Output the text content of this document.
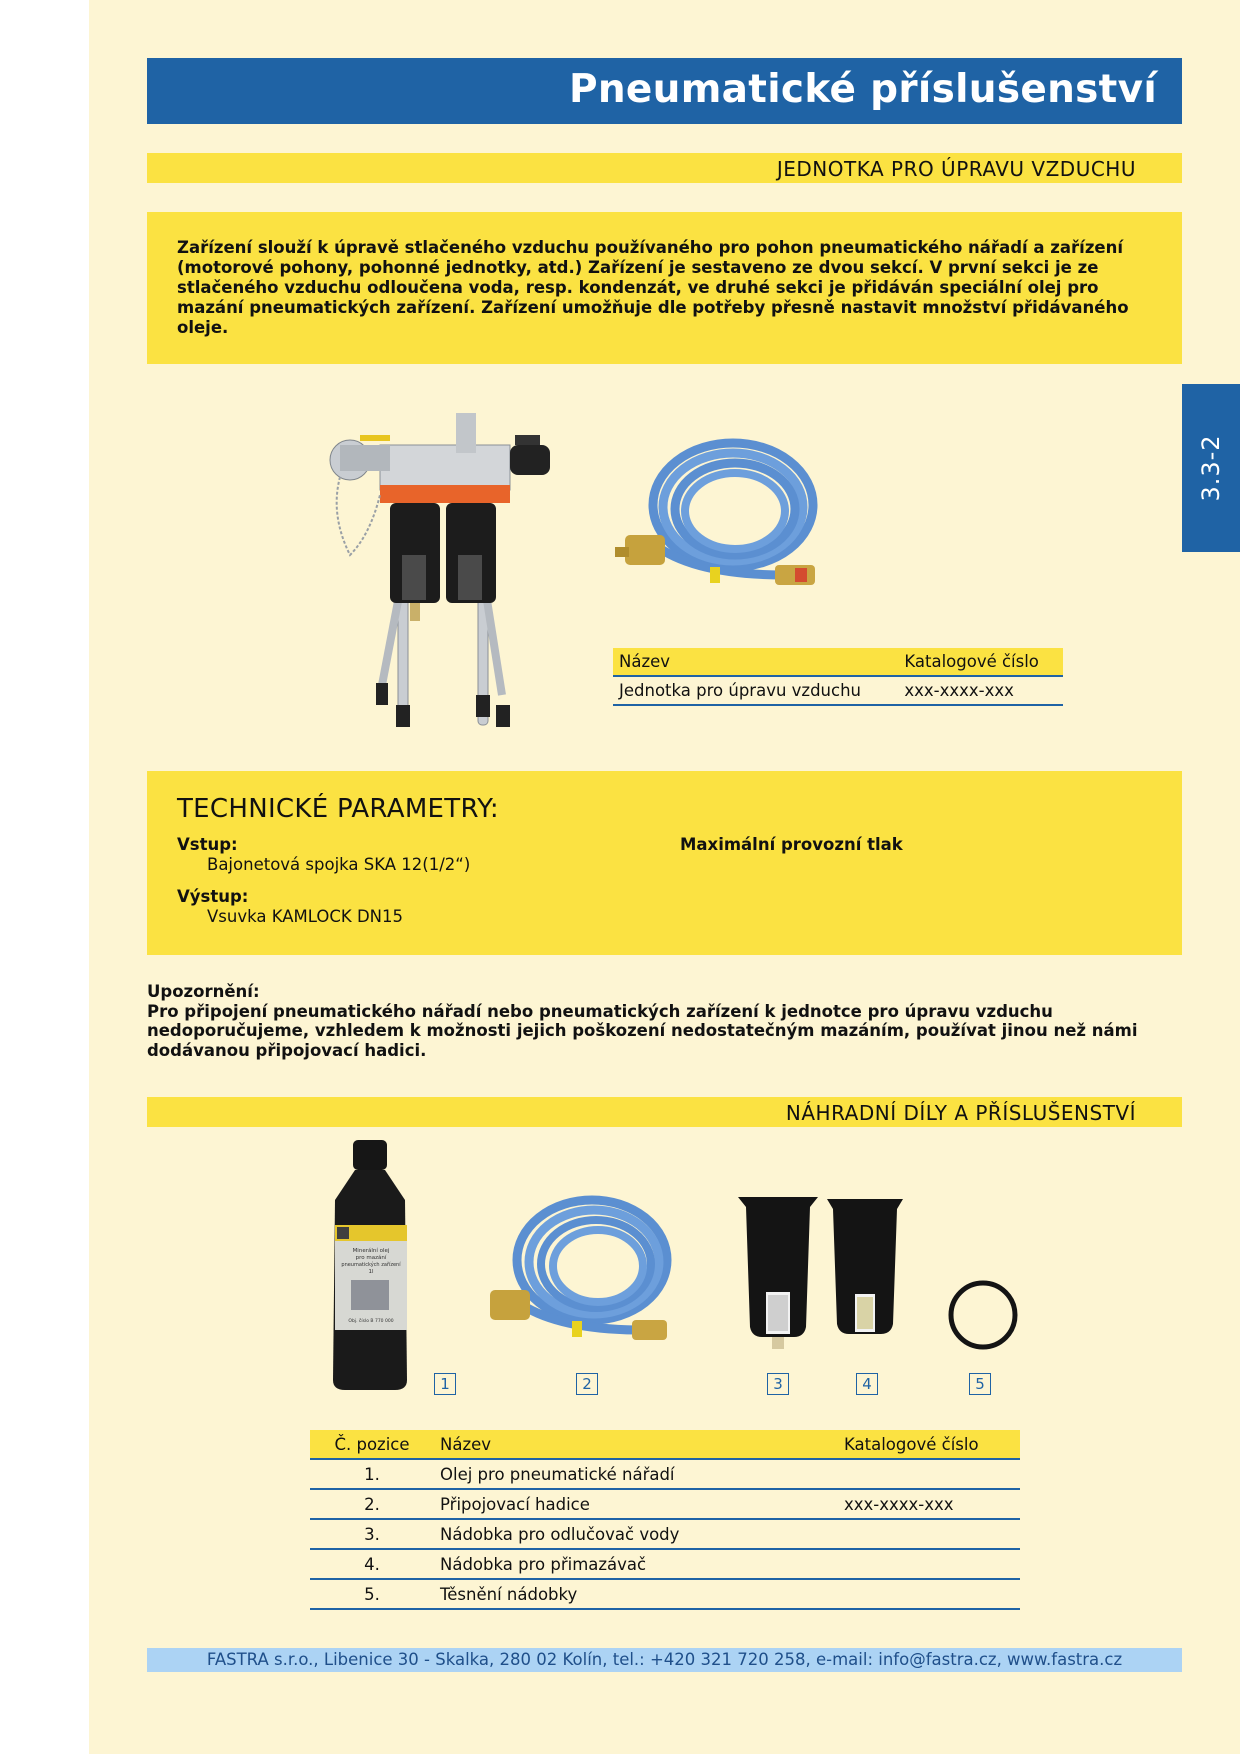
Pneumatické příslušenství
3.3-2
JEDNOTKA PRO ÚPRAVU VZDUCHU

Zařízení slouží k úpravě stlačeného vzduchu používaného pro pohon pneumatického nářadí a zařízení (motorové pohony, pohonné jednotky, atd.) Zařízení je sestaveno ze dvou sekcí. V první sekci je ze stlačeného vzduchu odloučena voda, resp. kondenzát, ve druhé sekci je přidáván speciální olej pro mazání pneumatických zařízení. Zařízení umožňuje dle potřeby přesně nastavit množství přidávaného oleje.

Název	Katalogové číslo
Jednotka pro úpravu vzduchu	xxx-xxxx-xxx
TECHNICKÉ PARAMETRY:
Vstup:
Bajonetová spojka SKA 12(1/2“)
Výstup:
Vsuvka KAMLOCK DN15
Maximální provozní tlak

Upozornění:

Pro připojení pneumatického nářadí nebo pneumatických zařízení k jednotce pro úpravu vzduchu nedoporučujeme, vzhledem k možnosti jejich poškození nedostatečným mazáním, používat jinou než námi dodávanou připojovací hadici.

NÁHRADNÍ DÍLY A PŘÍSLUŠENSTVÍ
Minerální olej
pro mazání
pneumatických zařízení
1l
Obj. číslo B 770 000
1	2	3	4	5
Č. pozice	Název	Katalogové číslo
1.	Olej pro pneumatické nářadí	
2.	Připojovací hadice	xxx-xxxx-xxx
3.	Nádobka pro odlučovač vody	
4.	Nádobka pro přimazávač	
5.	Těsnění nádobky	
FASTRA s.r.o., Libenice 30 - Skalka, 280 02 Kolín, tel.: +420 321 720 258, e-mail: info@fastra.cz, www.fastra.cz
